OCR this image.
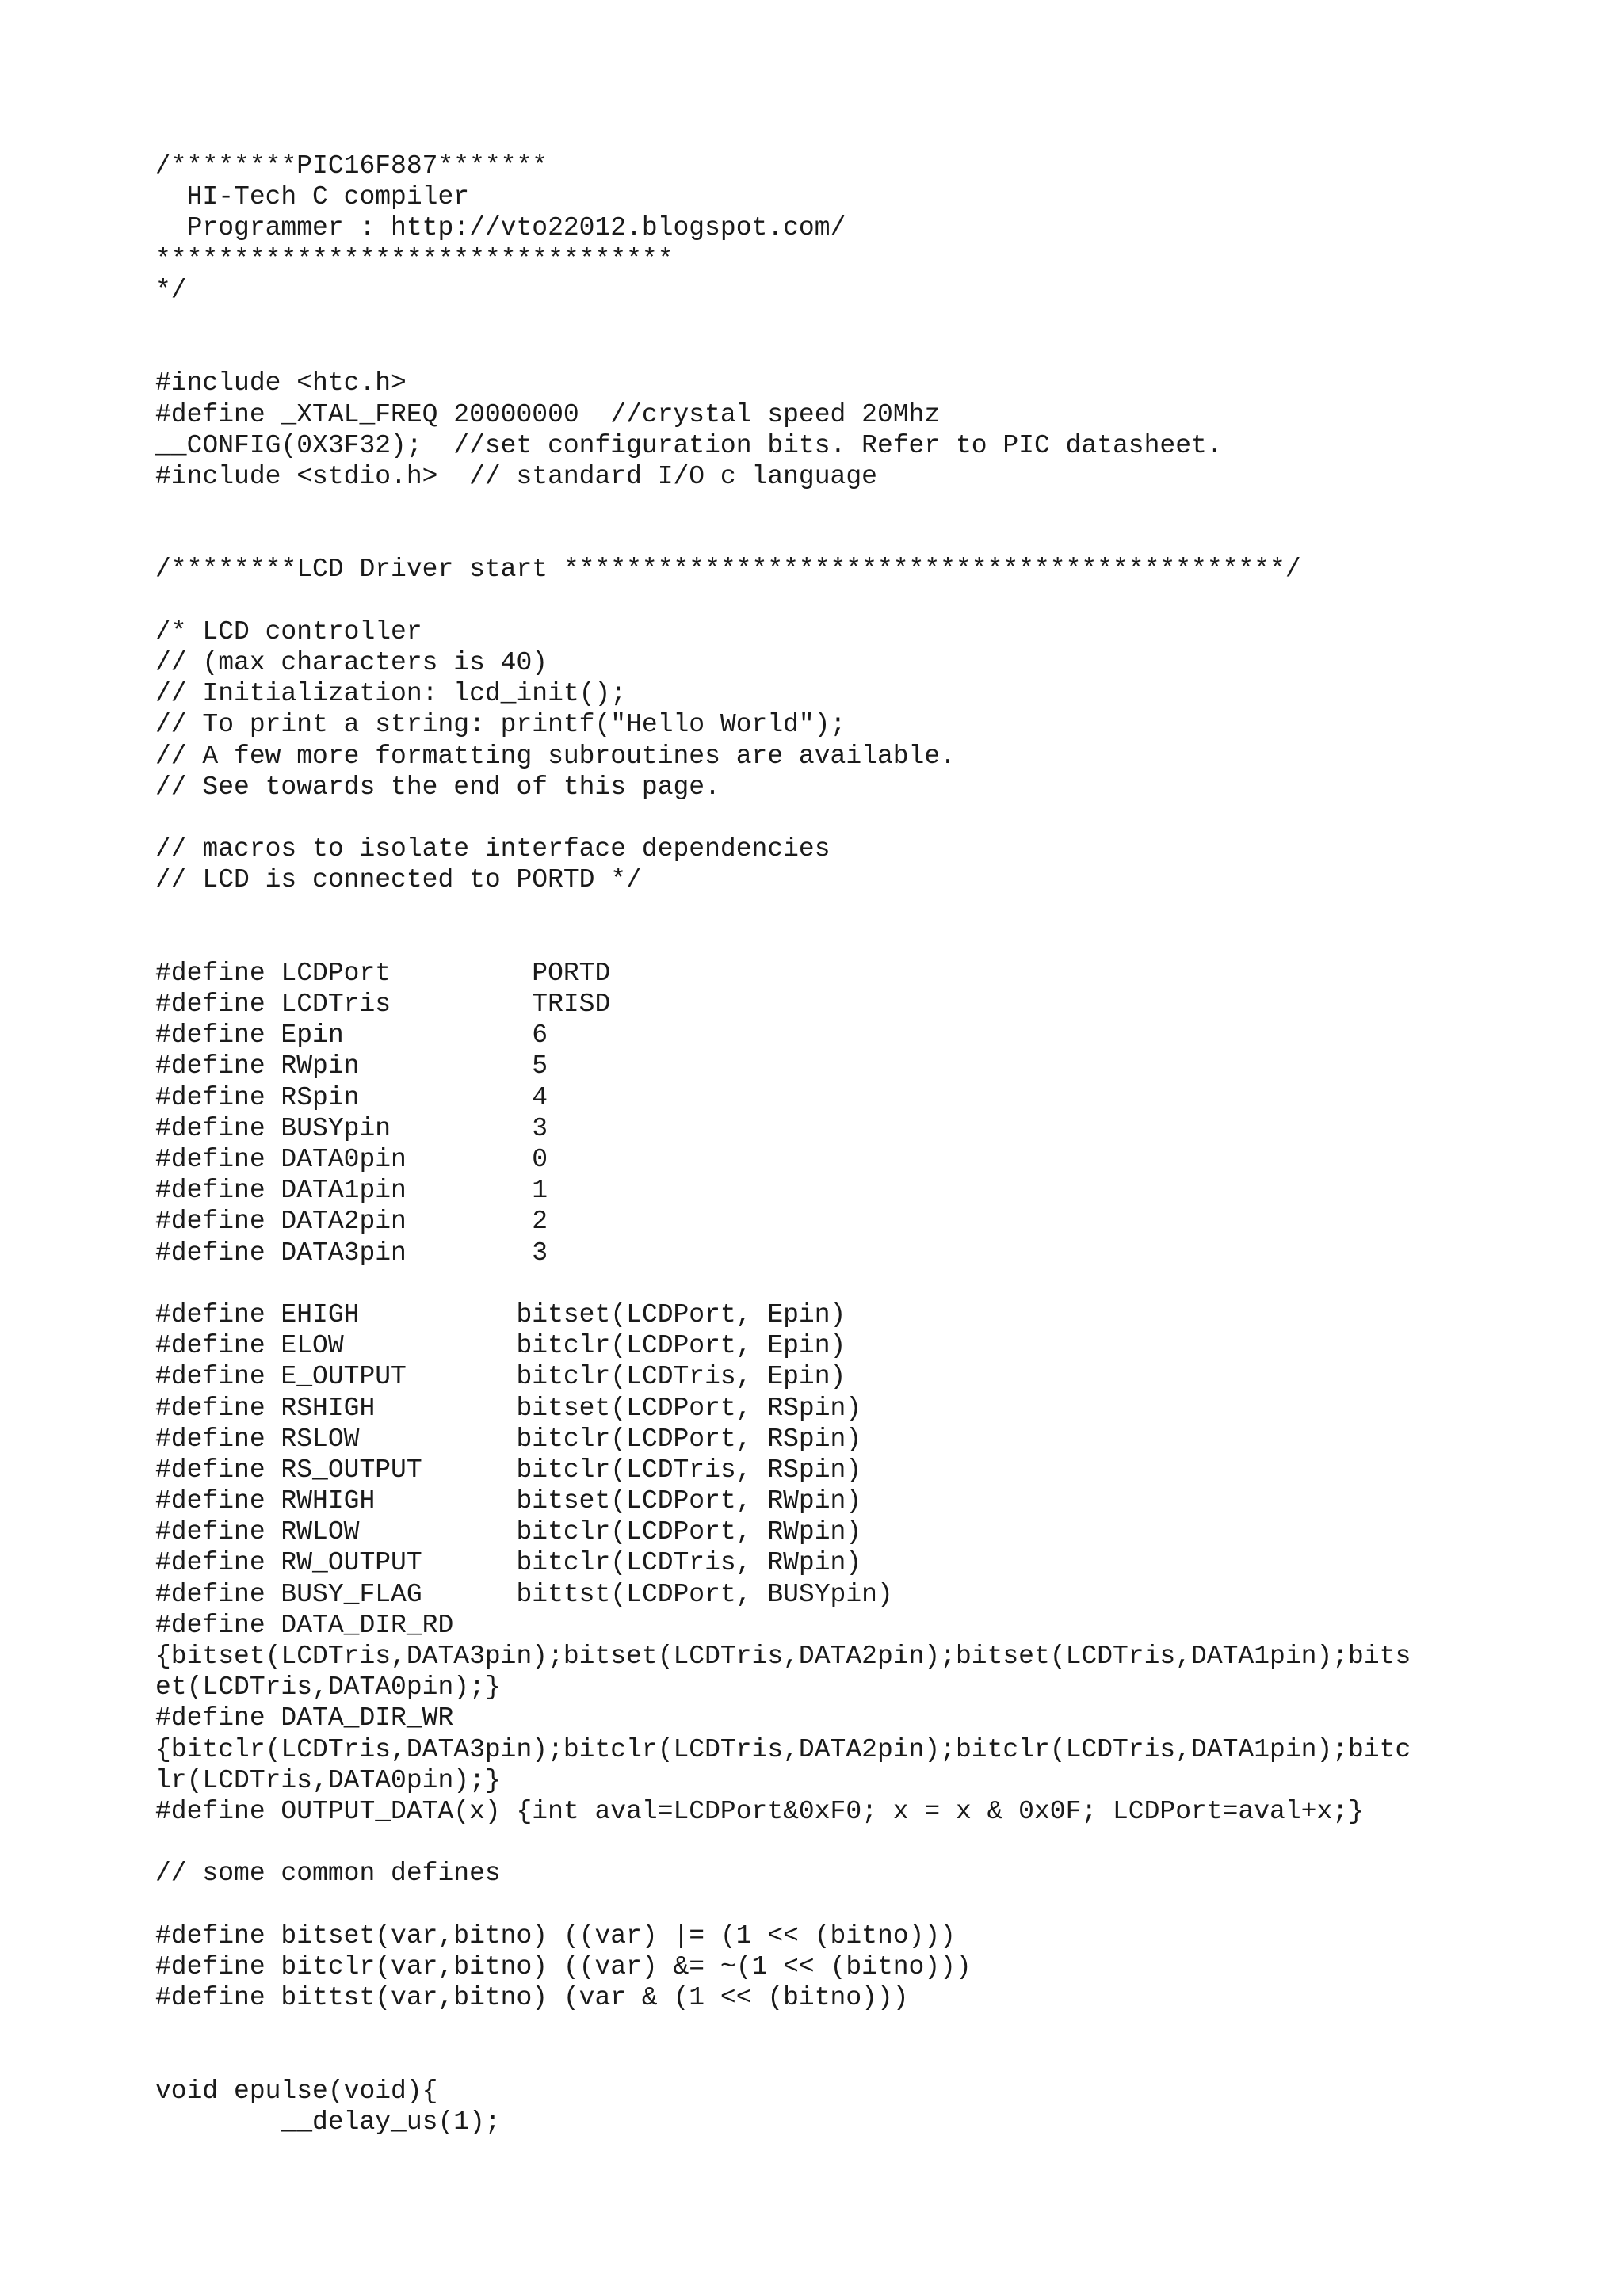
/********PIC16F887*******
HI-Tech C compiler
Programmer : http://vto22012.blogspot.com/
*********************************
*/
#include <htc.h>
#define _XTAL_FREQ 20000000  //crystal speed 20Mhz
__CONFIG(0X3F32);  //set configuration bits. Refer to PIC datasheet.
#include <stdio.h>  // standard I/O c language
/********LCD Driver start **********************************************/
/* LCD controller
// (max characters is 40)
// Initialization: lcd_init();
// To print a string: printf("Hello World");
// A few more formatting subroutines are available.
// See towards the end of this page.
// macros to isolate interface dependencies
// LCD is connected to PORTD */
#define LCDPort         PORTD
#define LCDTris         TRISD
#define Epin            6
#define RWpin           5
#define RSpin           4
#define BUSYpin         3
#define DATA0pin        0
#define DATA1pin        1
#define DATA2pin        2
#define DATA3pin        3
#define EHIGH          bitset(LCDPort, Epin)
#define ELOW           bitclr(LCDPort, Epin)
#define E_OUTPUT       bitclr(LCDTris, Epin)
#define RSHIGH         bitset(LCDPort, RSpin)
#define RSLOW          bitclr(LCDPort, RSpin)
#define RS_OUTPUT      bitclr(LCDTris, RSpin)
#define RWHIGH         bitset(LCDPort, RWpin)
#define RWLOW          bitclr(LCDPort, RWpin)
#define RW_OUTPUT      bitclr(LCDTris, RWpin)
#define BUSY_FLAG      bittst(LCDPort, BUSYpin)
#define DATA_DIR_RD
{bitset(LCDTris,DATA3pin);bitset(LCDTris,DATA2pin);bitset(LCDTris,DATA1pin);bits
et(LCDTris,DATA0pin);}
#define DATA_DIR_WR
{bitclr(LCDTris,DATA3pin);bitclr(LCDTris,DATA2pin);bitclr(LCDTris,DATA1pin);bitc
lr(LCDTris,DATA0pin);}
#define OUTPUT_DATA(x) {int aval=LCDPort&0xF0; x = x & 0x0F; LCDPort=aval+x;}
// some common defines
#define bitset(var,bitno) ((var) |= (1 << (bitno)))
#define bitclr(var,bitno) ((var) &= ~(1 << (bitno)))
#define bittst(var,bitno) (var & (1 << (bitno)))
void epulse(void){
__delay_us(1);
